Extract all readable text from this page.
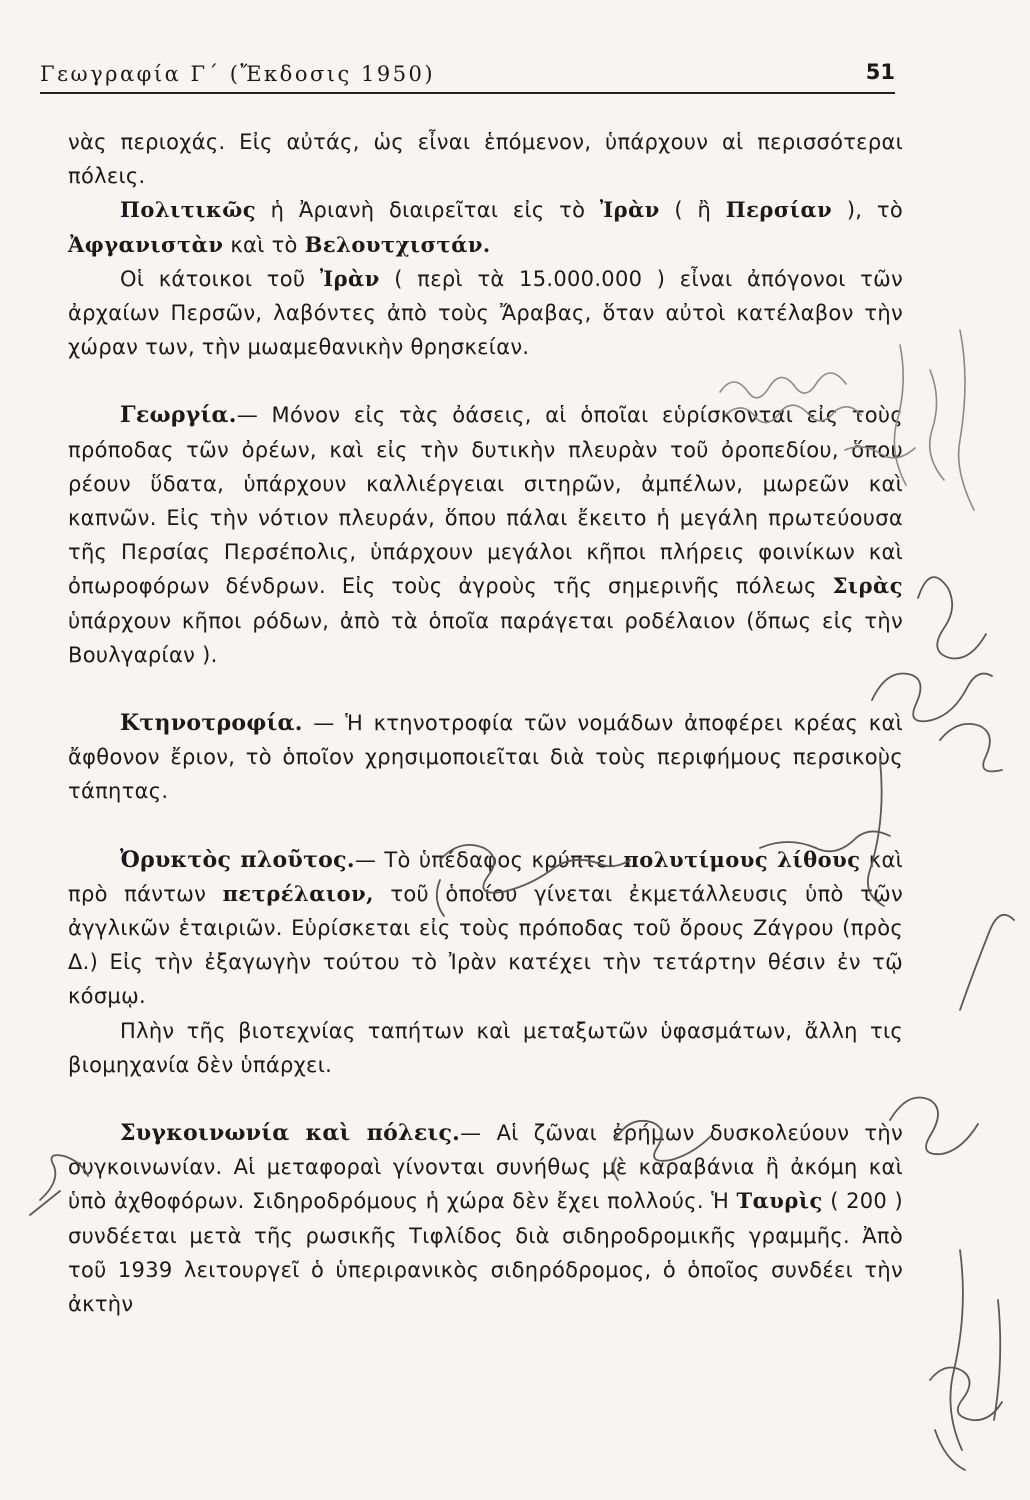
Γεωγραφία Γ΄ (Ἔκδοσις 1950)	51

νὰς περιοχάς. Εἰς αὐτάς, ὡς εἶναι ἑπόμενον, ὑπάρχουν αἱ περισσότεραι πόλεις.

Πολιτικῶς ἡ Ἀριανὴ διαιρεῖται εἰς τὸ Ἰρὰν ( ἢ Περσίαν ), τὸ Ἀφγανιστὰν καὶ τὸ Βελουτχιστάν.

Οἱ κάτοικοι τοῦ Ἰρὰν ( περὶ τὰ 15.000.000 ) εἶναι ἀπόγονοι τῶν ἀρχαίων Περσῶν, λαβόντες ἀπὸ τοὺς Ἄραβας, ὅταν αὐτοὶ κατέλαβον τὴν χώραν των, τὴν μωαμεθανικὴν θρησκείαν.

Γεωργία.— Μόνον εἰς τὰς ὀάσεις, αἱ ὁποῖαι εὑρίσκονται εἰς τοὺς πρόποδας τῶν ὀρέων, καὶ εἰς τὴν δυτικὴν πλευρὰν τοῦ ὀροπεδίου, ὅπου ρέουν ὕδατα, ὑπάρχουν καλλιέργειαι σιτηρῶν, ἀμπέλων, μωρεῶν καὶ καπνῶν. Εἰς τὴν νότιον πλευράν, ὅπου πάλαι ἔκειτο ἡ μεγάλη πρωτεύουσα τῆς Περσίας Περσέπολις, ὑπάρχουν μεγάλοι κῆποι πλήρεις φοινίκων καὶ ὀπωροφόρων δένδρων. Εἰς τοὺς ἀγροὺς τῆς σημερινῆς πόλεως Σιρὰς ὑπάρχουν κῆποι ρόδων, ἀπὸ τὰ ὁποῖα παράγεται ροδέλαιον (ὅπως εἰς τὴν Βουλγαρίαν ).

Κτηνοτροφία. — Ἡ κτηνοτροφία τῶν νομάδων ἀποφέρει κρέας καὶ ἄφθονον ἔριον, τὸ ὁποῖον χρησιμοποιεῖται διὰ τοὺς περιφήμους περσικοὺς τάπητας.

Ὀρυκτὸς πλοῦτος.— Τὸ ὑπέδαφος κρύπτει πολυτίμους λίθους καὶ πρὸ πάντων πετρέλαιον, τοῦ ὁποίου γίνεται ἐκμετάλλευσις ὑπὸ τῶν ἀγγλικῶν ἑταιριῶν. Εὑρίσκεται εἰς τοὺς πρόποδας τοῦ ὄρους Ζάγρου (πρὸς Δ.) Εἰς τὴν ἐξαγωγὴν τούτου τὸ Ἰρὰν κατέχει τὴν τετάρτην θέσιν ἐν τῷ κόσμῳ.

Πλὴν τῆς βιοτεχνίας ταπήτων καὶ μεταξωτῶν ὑφασμάτων, ἄλλη τις βιομηχανία δὲν ὑπάρχει.

Συγκοινωνία καὶ πόλεις.— Αἱ ζῶναι ἐρήμων δυσκολεύουν τὴν συγκοινωνίαν. Αἱ μεταφοραὶ γίνονται συνήθως μὲ καραβάνια ἢ ἀκόμη καὶ ὑπὸ ἀχθοφόρων. Σιδηροδρόμους ἡ χώρα δὲν ἔχει πολλούς. Ἡ Ταυρὶς ( 200 ) συνδέεται μετὰ τῆς ρωσικῆς Τιφλίδος διὰ σιδηροδρομικῆς γραμμῆς. Ἀπὸ τοῦ 1939 λειτουργεῖ ὁ ὑπεριρανικὸς σιδηρόδρομος, ὁ ὁποῖος συνδέει τὴν ἀκτὴν
